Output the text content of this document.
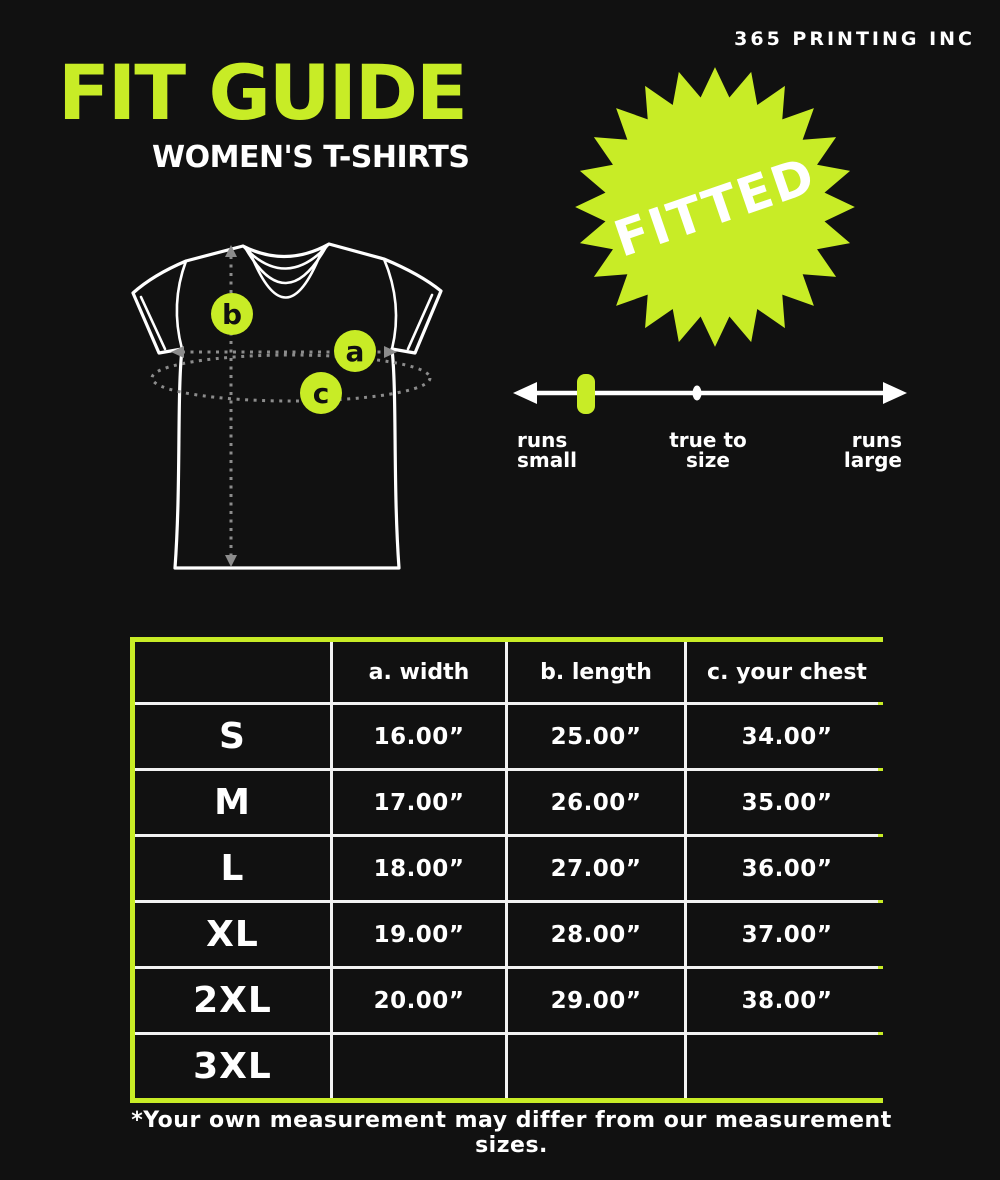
365 PRINTING INC
FIT GUIDE
WOMEN'S T-SHIRTS	FITTED
b
a
c
runs
small
true to
size
runs
large
a. width	b. length	c. your chest
S	16.00”	25.00”	34.00”
M	17.00”	26.00”	35.00”
L	18.00”	27.00”	36.00”
XL	19.00”	28.00”	37.00”
2XL	20.00”	29.00”	38.00”
3XL
*Your own measurement may differ from our measurement sizes.
